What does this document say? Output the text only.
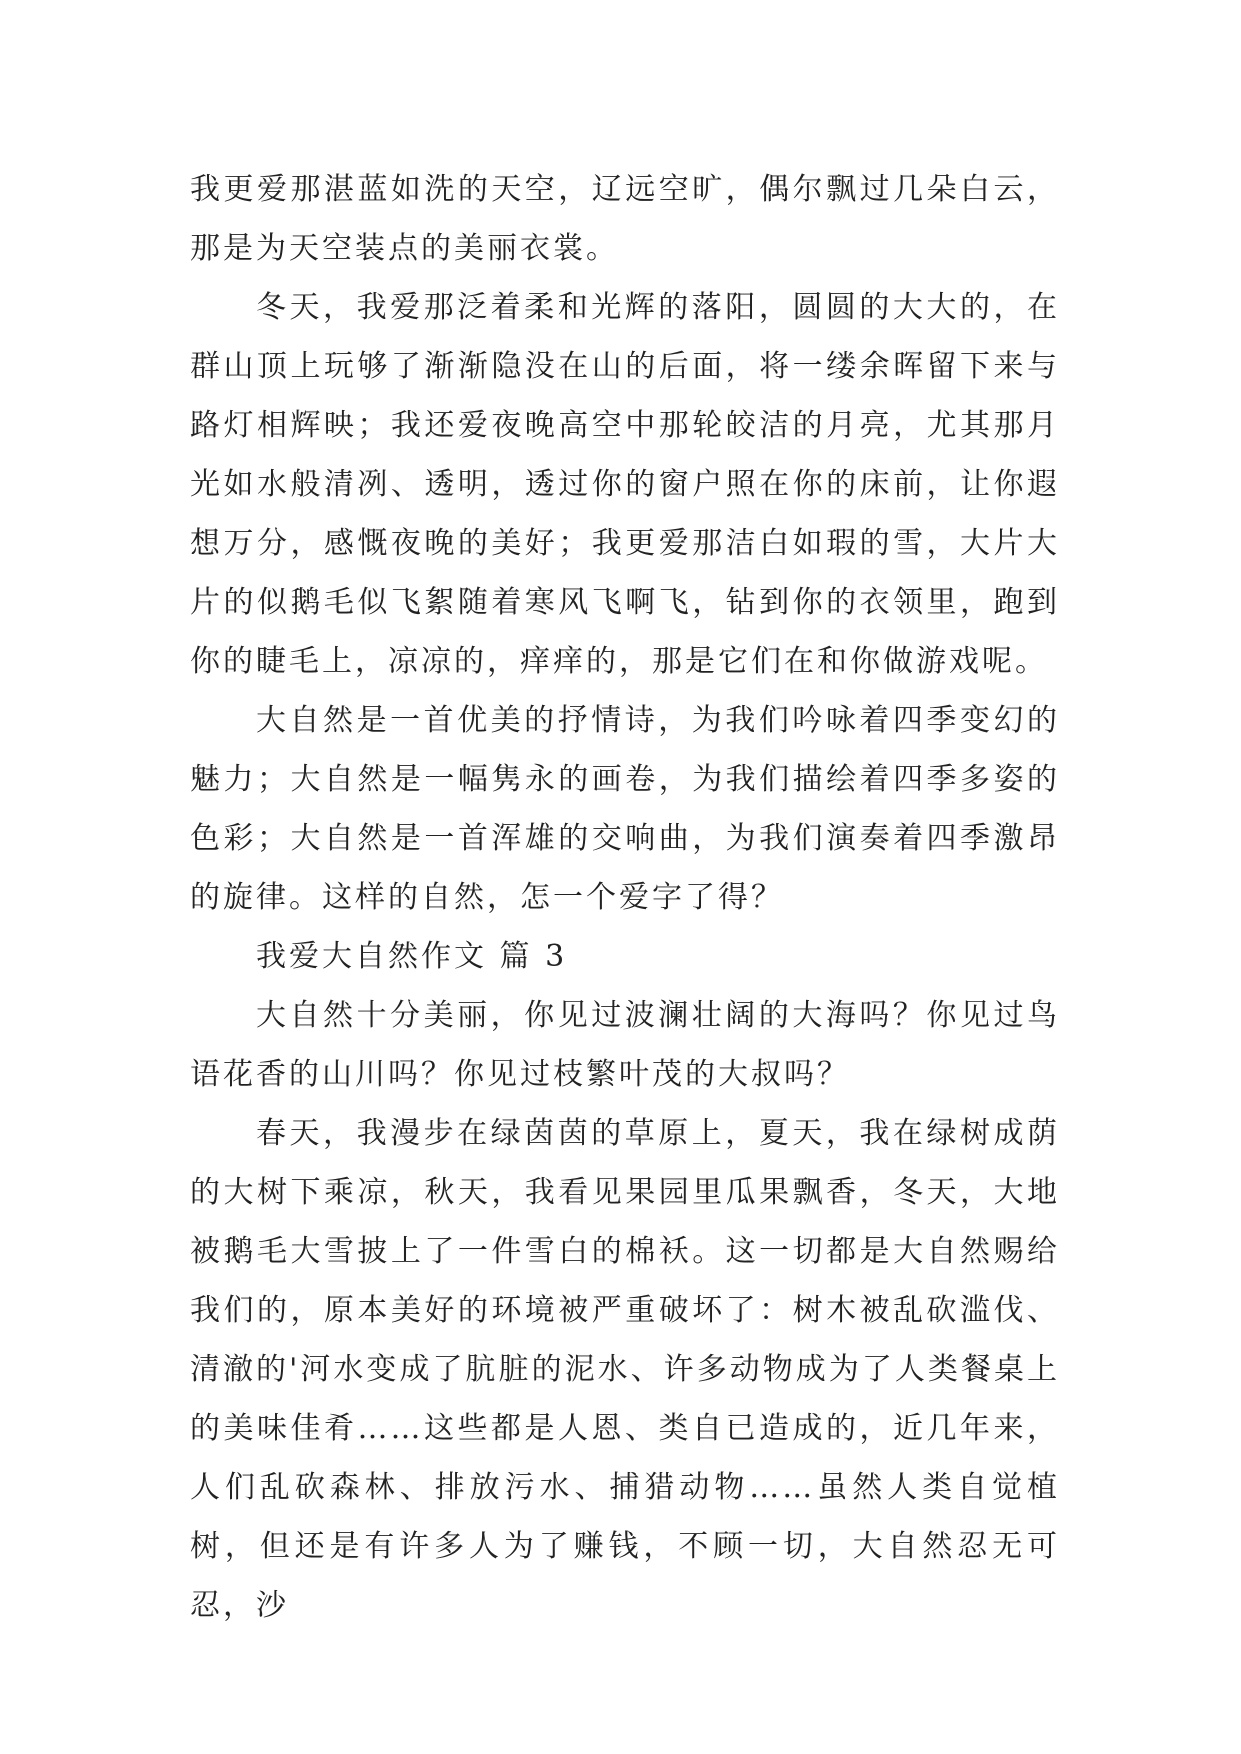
我更爱那湛蓝如洗的天空，辽远空旷，偶尔飘过几朵白云，那是为天空装点的美丽衣裳。

冬天，我爱那泛着柔和光辉的落阳，圆圆的大大的，在群山顶上玩够了渐渐隐没在山的后面，将一缕余晖留下来与路灯相辉映；我还爱夜晚高空中那轮皎洁的月亮，尤其那月光如水般清冽、透明，透过你的窗户照在你的床前，让你遐想万分，感慨夜晚的美好；我更爱那洁白如瑕的雪，大片大片的似鹅毛似飞絮随着寒风飞啊飞，钻到你的衣领里，跑到你的睫毛上，凉凉的，痒痒的，那是它们在和你做游戏呢。

大自然是一首优美的抒情诗，为我们吟咏着四季变幻的魅力；大自然是一幅隽永的画卷，为我们描绘着四季多姿的色彩；大自然是一首浑雄的交响曲，为我们演奏着四季激昂的旋律。这样的自然，怎一个爱字了得？

我爱大自然作文 篇 3

大自然十分美丽，你见过波澜壮阔的大海吗？你见过鸟语花香的山川吗？你见过枝繁叶茂的大叔吗？

春天，我漫步在绿茵茵的草原上，夏天，我在绿树成荫的大树下乘凉，秋天，我看见果园里瓜果飘香，冬天，大地被鹅毛大雪披上了一件雪白的棉袄。这一切都是大自然赐给我们的，原本美好的环境被严重破坏了：树木被乱砍滥伐、清澈的'河水变成了肮脏的泥水、许多动物成为了人类餐桌上的美味佳肴……这些都是人恩、类自已造成的，近几年来，人们乱砍森林、排放污水、捕猎动物……虽然人类自觉植树，但还是有许多人为了赚钱，不顾一切，大自然忍无可忍，沙
